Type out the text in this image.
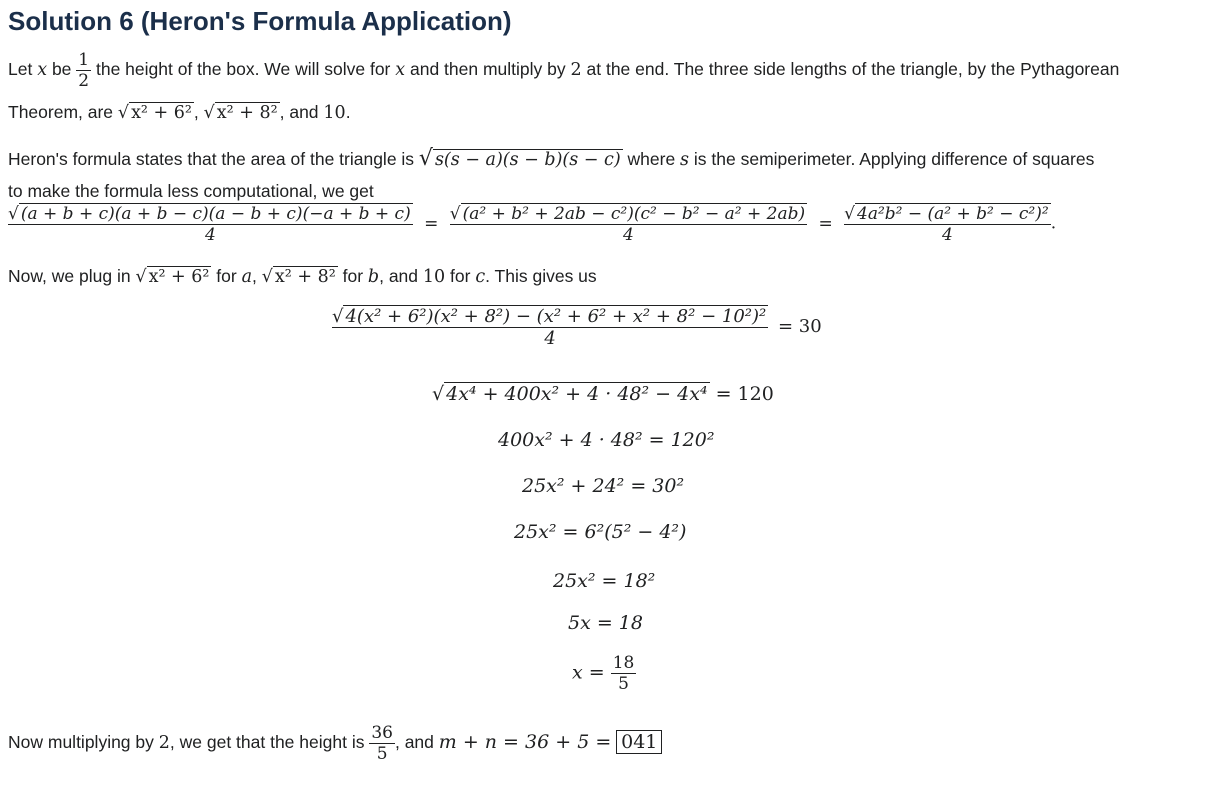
Solution 6 (Heron's Formula Application)
Let x be $\frac{1}{2}$ the height of the box. We will solve for x and then multiply by 2 at the end. The three side lengths of the triangle, by the Pythagorean
Theorem, are √ x² + 6² , √ x² + 8² , and 10.
Heron's formula states that the area of the triangle is √ s(s − a)(s − b)(s − c) where s is the semiperimeter. Applying difference of squares
to make the formula less computational, we get
$\frac{√ (a + b + c)(a + b - c)(a - b + c)(-a + b + c)}{4} = \frac{\text{√ (a² + b² + 2ab − c²)(c² − b² − a² + 2ab)}}{4} = \frac{\text{√ 4a²b² − (a² + b² − c²)²}}{4}$ .
Now, we plug in √ x² + 6² for a, √ x² + 8² for b, and 10 for c. This gives us
$\frac{\text{√ 4(x² + 6²)(x² + 8²) − (x² + 6² + x² + 8² − 10²)²}}{4} = 30$
√ 4x⁴ + 400x² + 4 · 48² − 4x⁴ = 120
400x² + 4 · 48² = 120²
25x² + 24² = 30²
25x² = 6²(5² − 4²)
25x² = 18²
5x = 18
$x = \frac{18}{5}$
Now multiplying by 2, we get that the height is $\frac{36}{5}$ , and m + n = 36 + 5 = 041
